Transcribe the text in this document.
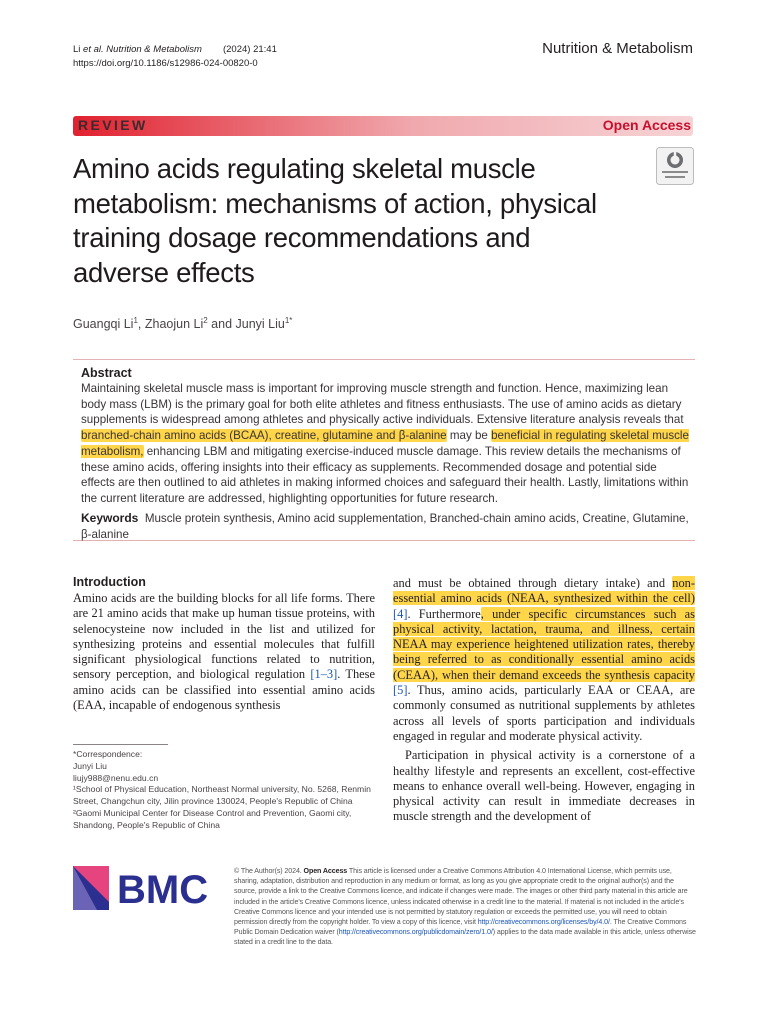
Li et al. Nutrition & Metabolism (2024) 21:41
https://doi.org/10.1186/s12986-024-00820-0
Nutrition & Metabolism
REVIEW	Open Access
Amino acids regulating skeletal muscle metabolism: mechanisms of action, physical training dosage recommendations and adverse effects
Guangqi Li$^1$, Zhaojun Li$^2$ and Junyi Liu$^{1*}$
Abstract
Maintaining skeletal muscle mass is important for improving muscle strength and function. Hence, maximizing lean body mass (LBM) is the primary goal for both elite athletes and fitness enthusiasts. The use of amino acids as dietary supplements is widespread among athletes and physically active individuals. Extensive literature analysis reveals that branched-chain amino acids (BCAA), creatine, glutamine and β-alanine may be beneficial in regulating skeletal muscle metabolism, enhancing LBM and mitigating exercise-induced muscle damage. This review details the mechanisms of these amino acids, offering insights into their efficacy as supplements. Recommended dosage and potential side effects are then outlined to aid athletes in making informed choices and safeguard their health. Lastly, limitations within the current literature are addressed, highlighting opportunities for future research.
Keywords Muscle protein synthesis, Amino acid supplementation, Branched-chain amino acids, Creatine, Glutamine, β-alanine
Introduction
Amino acids are the building blocks for all life forms. There are 21 amino acids that make up human tissue proteins, with selenocysteine now included in the list and utilized for synthesizing proteins and essential molecules that fulfill significant physiological functions related to nutrition, sensory perception, and biological regulation [1–3]. These amino acids can be classified into essential amino acids (EAA, incapable of endogenous synthesis

and must be obtained through dietary intake) and non-essential amino acids (NEAA, synthesized within the cell) [4]. Furthermore, under specific circumstances such as physical activity, lactation, trauma, and illness, certain NEAA may experience heightened utilization rates, thereby being referred to as conditionally essential amino acids (CEAA), when their demand exceeds the synthesis capacity [5]. Thus, amino acids, particularly EAA or CEAA, are commonly consumed as nutritional supplements by athletes across all levels of sports participation and individuals engaged in regular and moderate physical activity.

Participation in physical activity is a cornerstone of a healthy lifestyle and represents an excellent, cost-effective means to enhance overall well-being. However, engaging in physical activity can result in immediate decreases in muscle strength and the development of

*Correspondence:
Junyi Liu
liujy988@nenu.edu.cn
¹School of Physical Education, Northeast Normal university, No. 5268, Renmin Street, Changchun city, Jilin province 130024, People's Republic of China
²Gaomi Municipal Center for Disease Control and Prevention, Gaomi city, Shandong, People's Republic of China
BMC	© The Author(s) 2024. Open Access This article is licensed under a Creative Commons Attribution 4.0 International License, which permits use, sharing, adaptation, distribution and reproduction in any medium or format, as long as you give appropriate credit to the original author(s) and the source, provide a link to the Creative Commons licence, and indicate if changes were made. The images or other third party material in this article are included in the article's Creative Commons licence, unless indicated otherwise in a credit line to the material. If material is not included in the article's Creative Commons licence and your intended use is not permitted by statutory regulation or exceeds the permitted use, you will need to obtain permission directly from the copyright holder. To view a copy of this licence, visit http://creativecommons.org/licenses/by/4.0/. The Creative Commons Public Domain Dedication waiver (http://creativecommons.org/publicdomain/zero/1.0/) applies to the data made available in this article, unless otherwise stated in a credit line to the data.
